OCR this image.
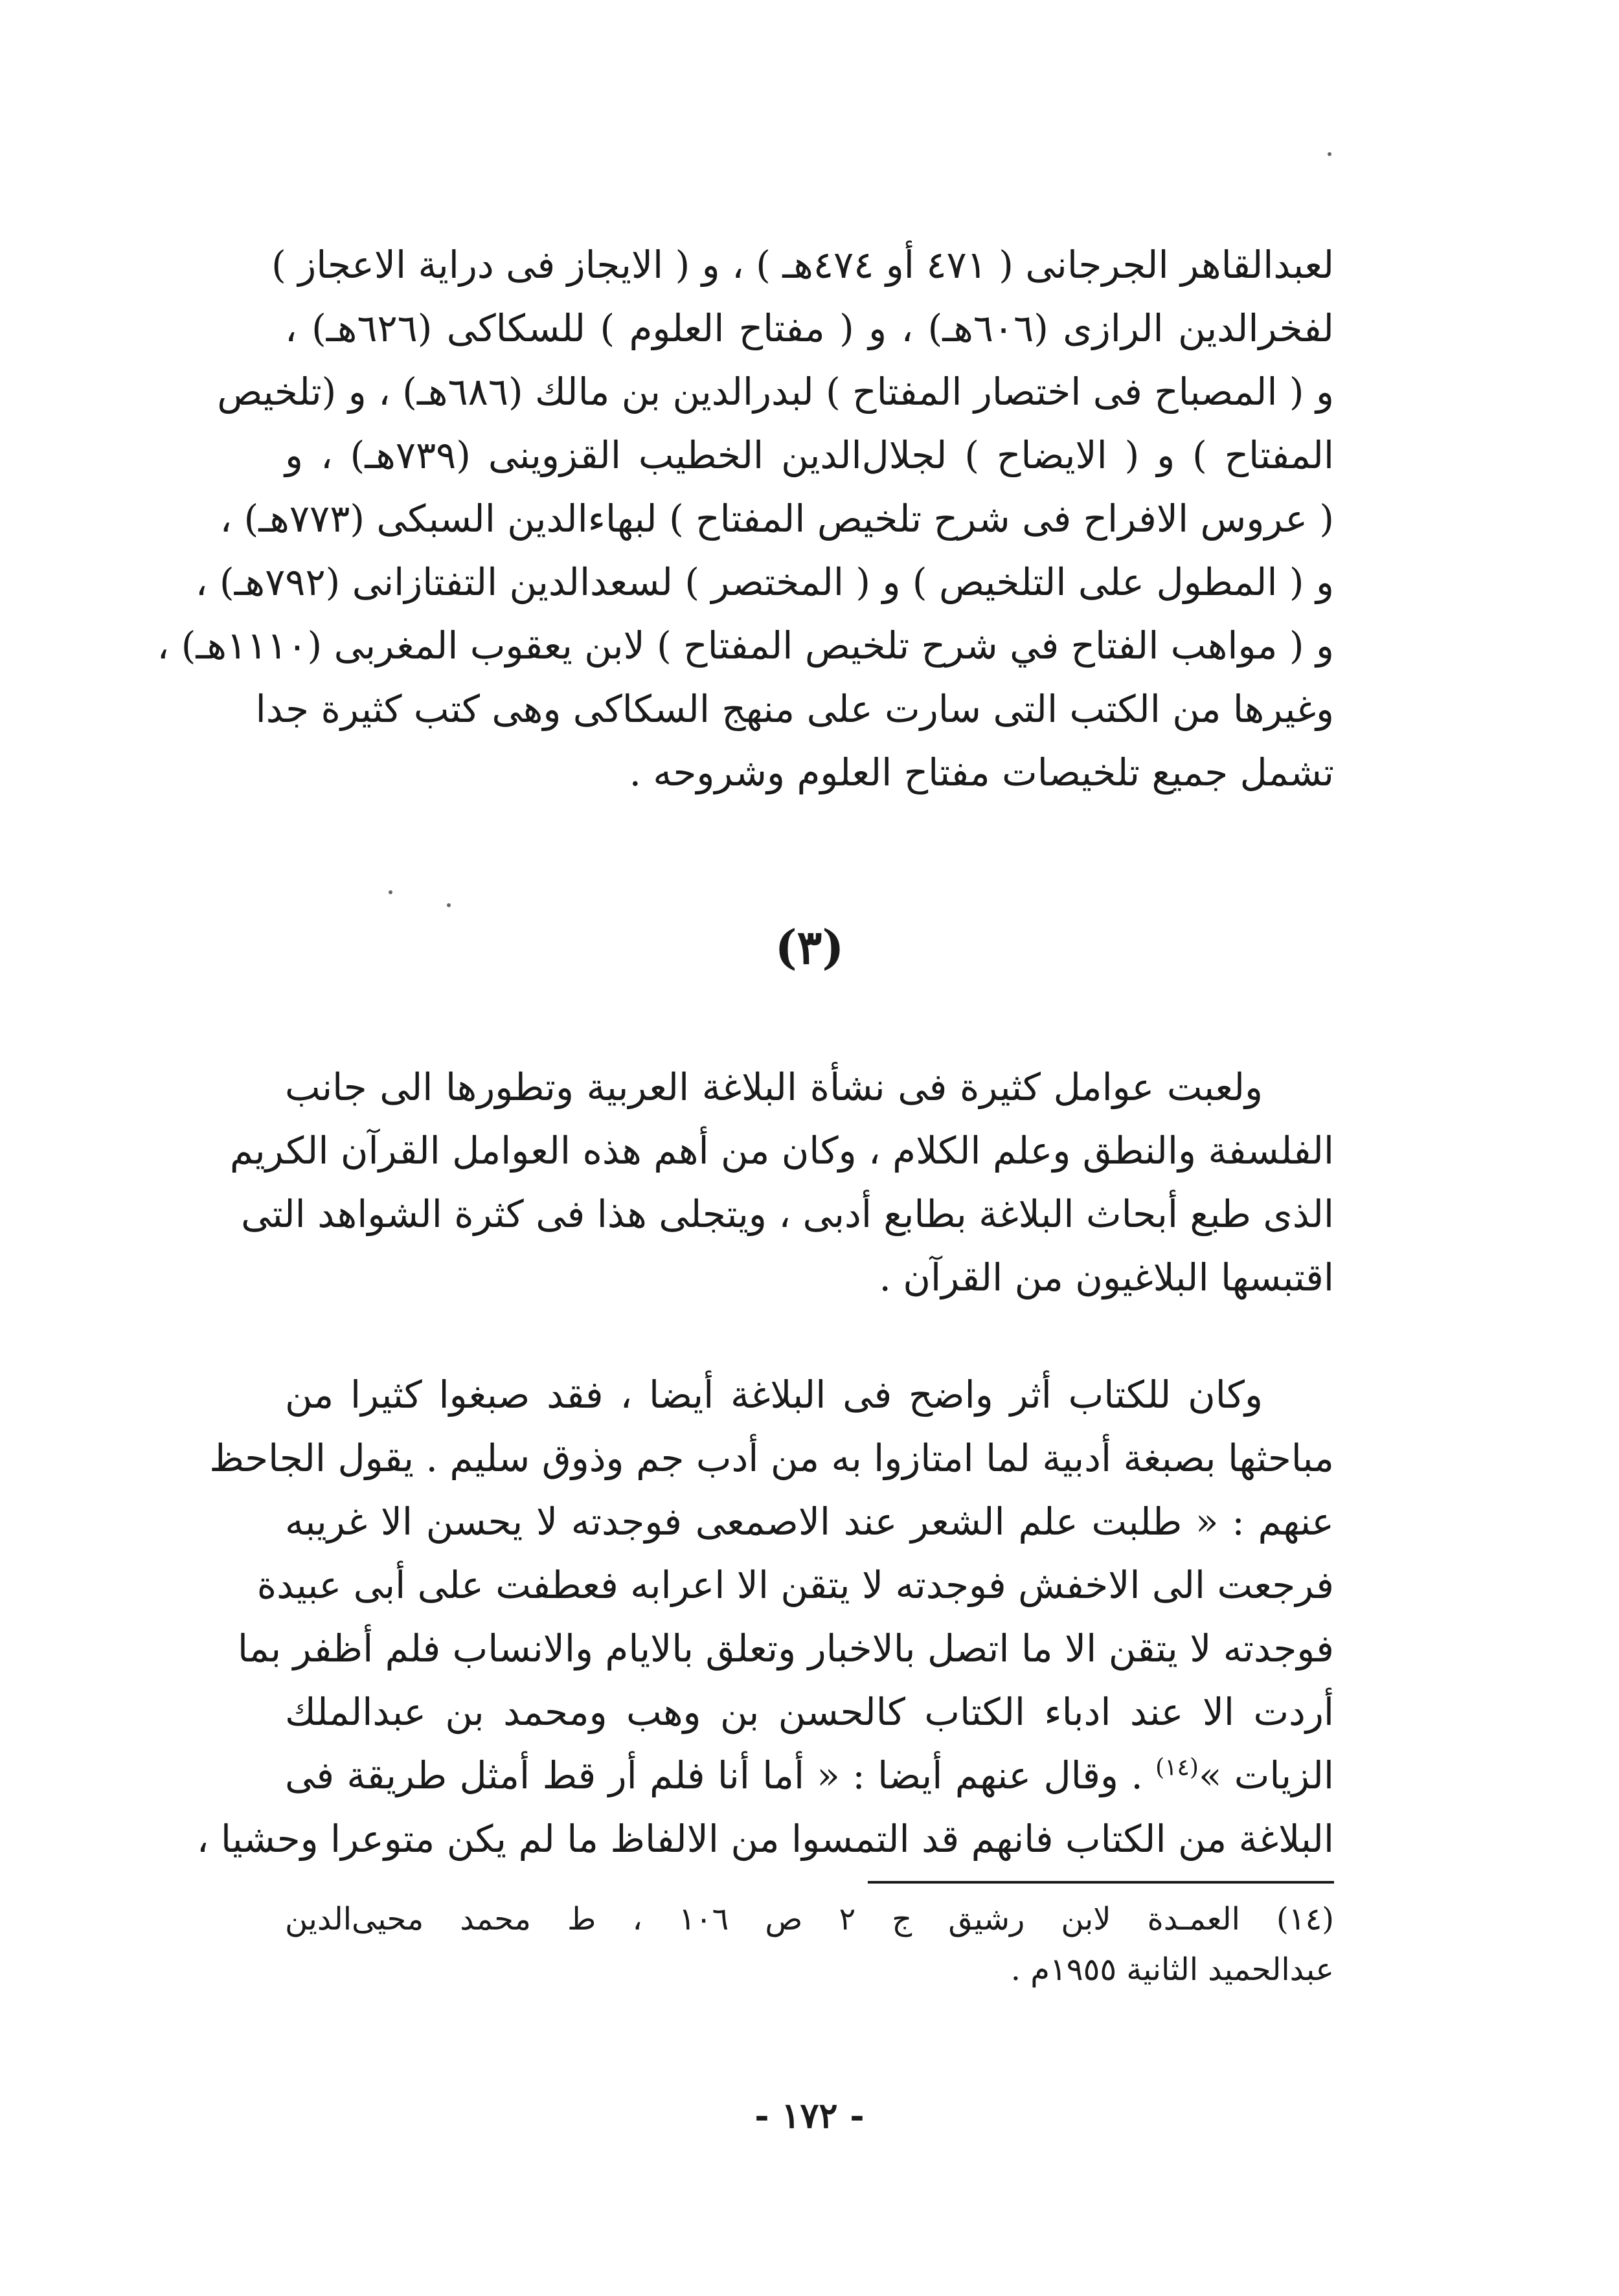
لعبدالقاهر الجرجانى ( ٤٧١ أو ٤٧٤هـ ) ، و ( الايجاز فى دراية الاعجاز )
لفخرالدين الرازى (٦٠٦هـ) ، و ( مفتاح العلوم ) للسكاكى (٦٢٦هـ) ،
و ( المصباح فى اختصار المفتاح ) لبدرالدين بن مالك (٦٨٦هـ) ، و (تلخيص
المفتاح ) و ( الايضاح ) لجلال‌الدين الخطيب القزوينى (٧٣٩هـ) ، و
( عروس الافراح فى شرح تلخيص المفتاح ) لبهاءالدين السبكى (٧٧٣هـ) ،
و ( المطول على التلخيص ) و ( المختصر ) لسعدالدين التفتازانى (٧٩٢هـ) ،
و ( مواهب الفتاح في شرح تلخيص المفتاح ) لابن يعقوب المغربى (١١١٠هـ) ،
وغيرها من الكتب التى سارت على منهج السكاكى وهى كتب كثيرة جدا
تشمل جميع تلخيصات مفتاح العلوم وشروحه .
(٣)
ولعبت عوامل كثيرة فى نشأة البلاغة العربية وتطورها الى جانب
الفلسفة والنطق وعلم الكلام ، وكان من أهم هذه العوامل القرآن الكريم
الذى طبع أبحاث البلاغة بطابع أدبى ، ويتجلى هذا فى كثرة الشواهد التى
اقتبسها البلاغيون من القرآن .
وكان للكتاب أثر واضح فى البلاغة أيضا ، فقد صبغوا كثيرا من
مباحثها بصبغة أدبية لما امتازوا به من أدب جم وذوق سليم . يقول الجاحظ
عنهم : « طلبت علم الشعر عند الاصمعى فوجدته لا يحسن الا غريبه
فرجعت الى الاخفش فوجدته لا يتقن الا اعرابه فعطفت على أبى عبيدة
فوجدته لا يتقن الا ما اتصل بالاخبار وتعلق بالايام والانساب فلم أظفر بما
أردت الا عند ادباء الكتاب كالحسن بن وهب ومحمد بن عبدالملك
الزيات »$^{(١٤)}$ . وقال عنهم أيضا : « أما أنا فلم أر قط أمثل طريقة فى
البلاغة من الكتاب فانهم قد التمسوا من الالفاظ ما لم يكن متوعرا وحشيا ،
(١٤) العمـدة لابن رشيق ج ٢ ص ١٠٦ ، ط محمد محيى‌الدين
عبدالحميد الثانية ١٩٥٥م .
- ١٧٢ -
